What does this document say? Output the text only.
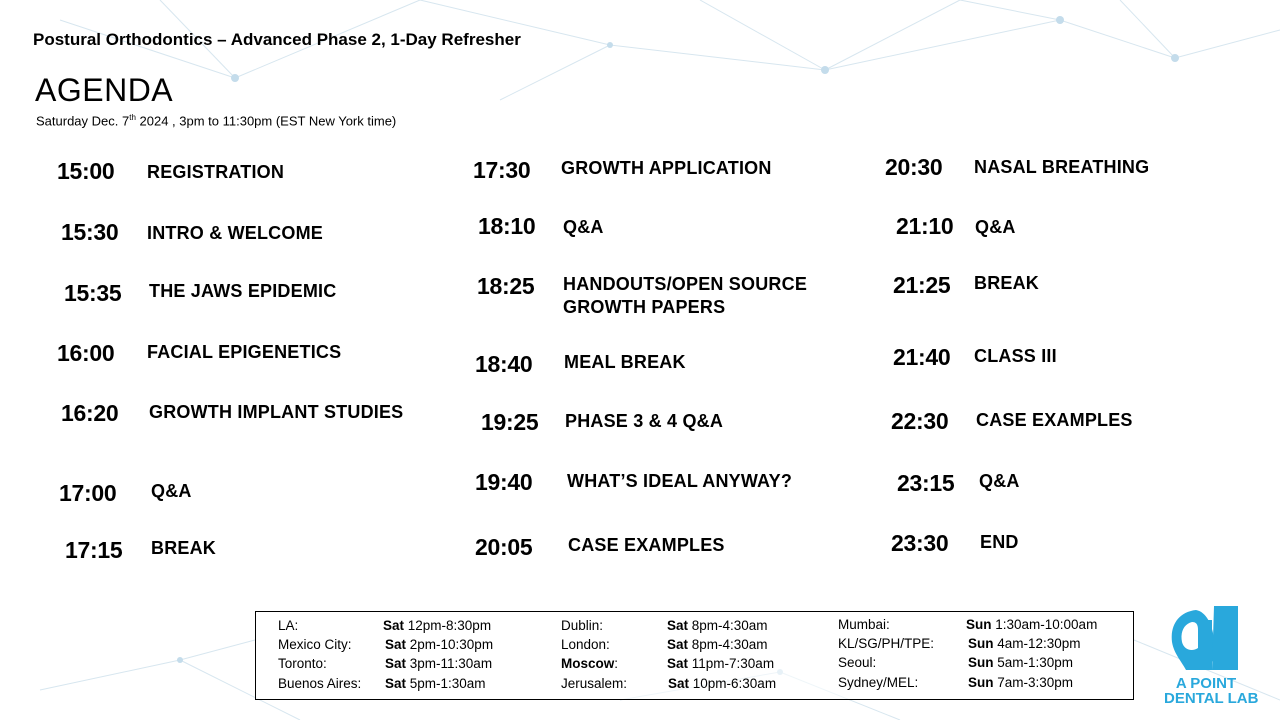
Postural Orthodontics – Advanced Phase 2, 1-Day Refresher
AGENDA
Saturday Dec. 7th 2024 , 3pm to 11:30pm (EST New York time)
15:00 REGISTRATION
15:30 INTRO & WELCOME
15:35 THE JAWS EPIDEMIC
16:00 FACIAL EPIGENETICS
16:20 GROWTH IMPLANT STUDIES
17:00 Q&A
17:15 BREAK
17:30 GROWTH APPLICATION
18:10 Q&A
18:25 HANDOUTS/OPEN SOURCE
GROWTH PAPERS
18:40 MEAL BREAK
19:25 PHASE 3 & 4 Q&A
19:40 WHAT’S IDEAL ANYWAY?
20:05 CASE EXAMPLES
20:30 NASAL BREATHING
21:10 Q&A
21:25 BREAK
21:40 CLASS III
22:30 CASE EXAMPLES
23:15 Q&A
23:30 END
LA:	Sat 12pm-8:30pm
Mexico City: Sat 2pm-10:30pm
Toronto:	Sat 3pm-11:30am
Buenos Aires: Sat 5pm-1:30am
Dublin:	Sat 8pm-4:30am
London:	Sat 8pm-4:30am
Moscow:	Sat 11pm-7:30am
Jerusalem:	Sat 10pm-6:30am
Mumbai:	Sun 1:30am-10:00am
KL/SG/PH/TPE:	Sun 4am-12:30pm
Seoul:	Sun 5am-1:30pm
Sydney/MEL:	Sun 7am-3:30pm	A POINT
DENTAL LAB
